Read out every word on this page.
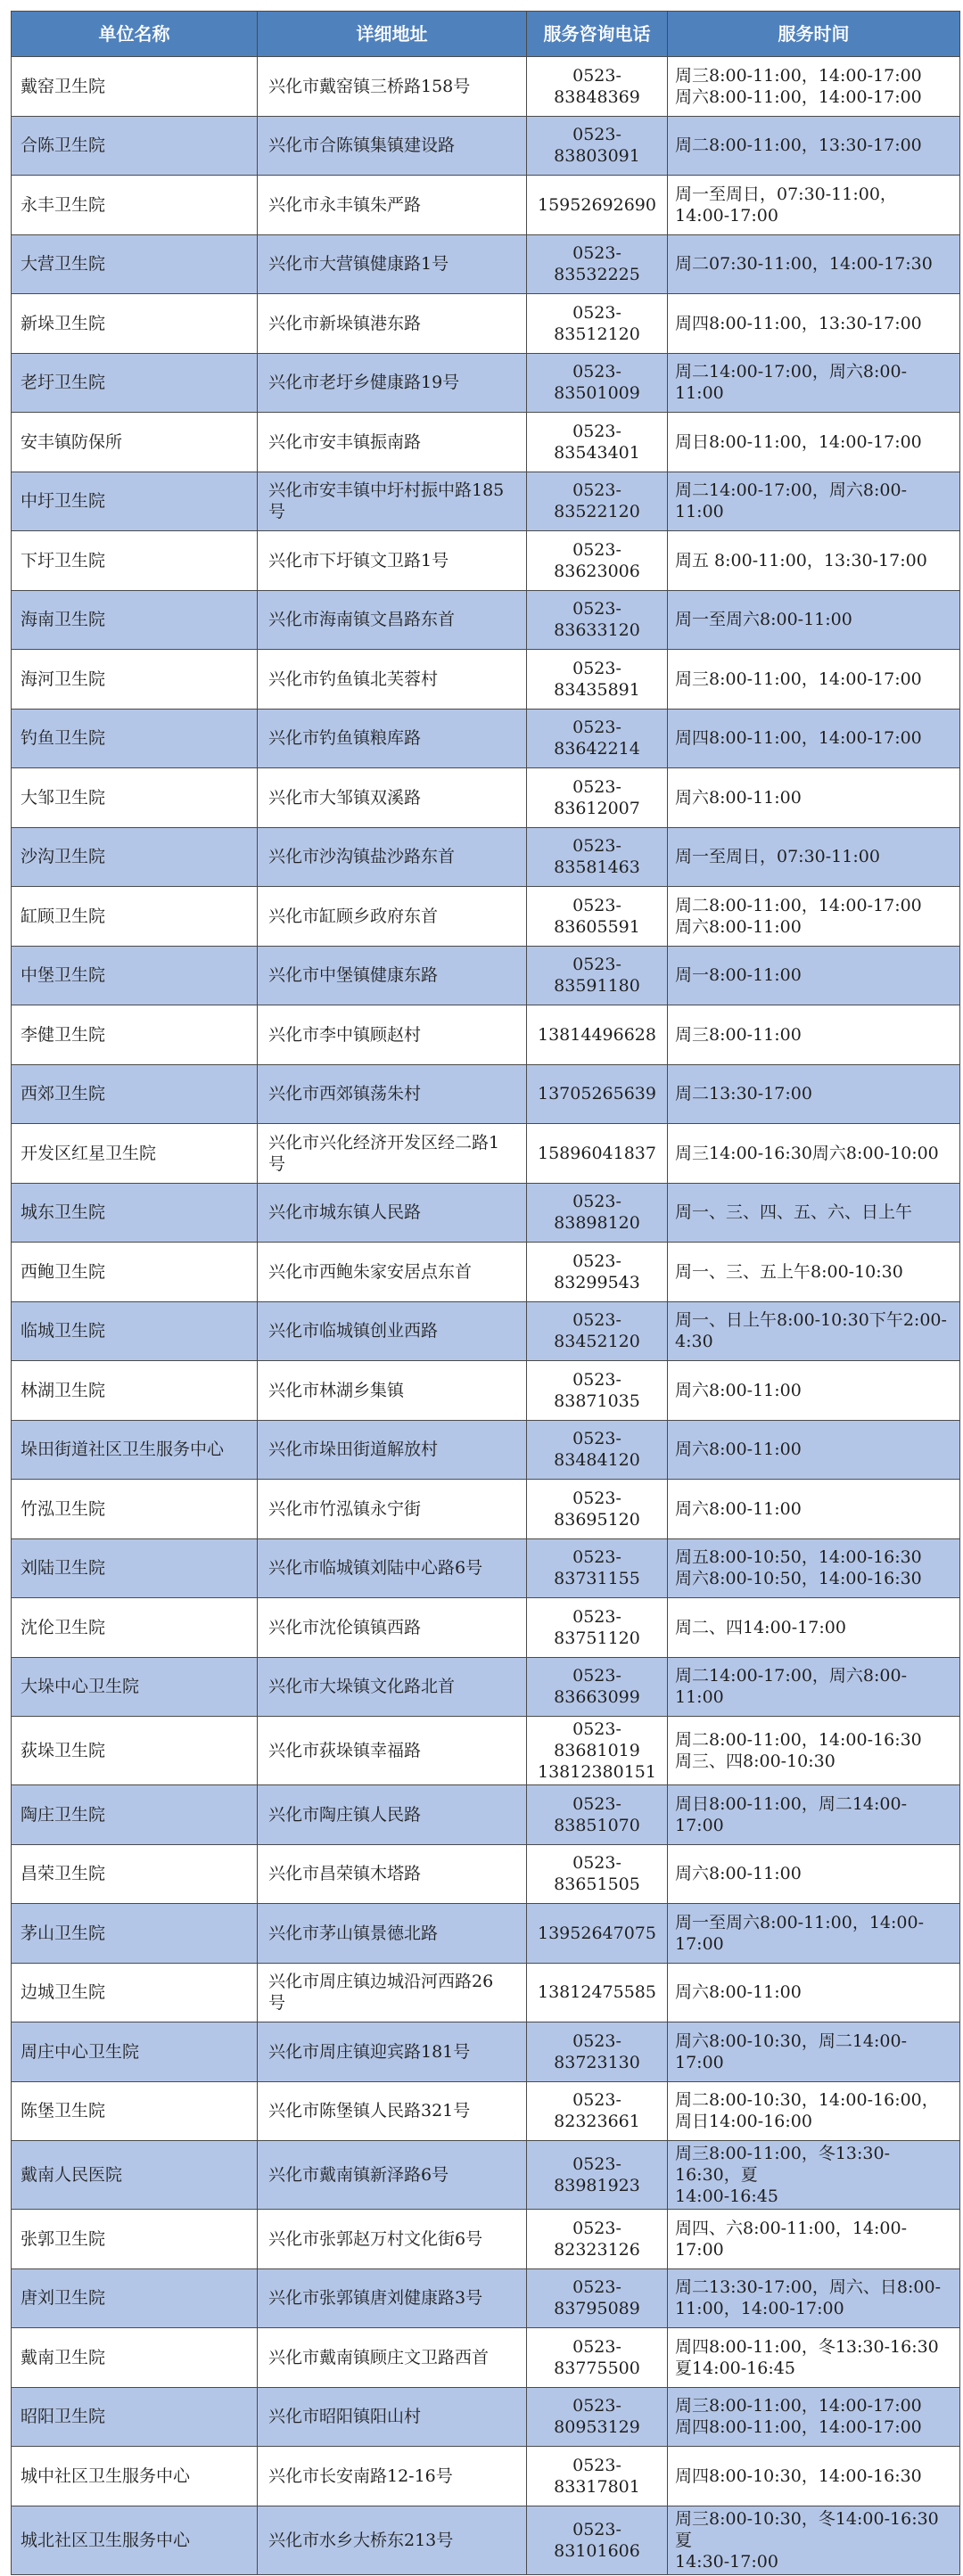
单位名称	详细地址	服务咨询电话	服务时间
戴窑卫生院	兴化市戴窑镇三桥路158号	0523-83848369	周三8:00-11:00，14:00-17:00
周六8:00-11:00，14:00-17:00

合陈卫生院	兴化市合陈镇集镇建设路	0523-83803091	周二8:00-11:00，13:30-17:00

永丰卫生院	兴化市永丰镇朱严路	15952692690	周一至周日，07:30-11:00，
14:00-17:00

大营卫生院	兴化市大营镇健康路1号	0523-83532225	周二07:30-11:00，14:00-17:30

新垛卫生院	兴化市新垛镇港东路	0523-83512120	周四8:00-11:00，13:30-17:00

老圩卫生院	兴化市老圩乡健康路19号	0523-83501009	周二14:00-17:00，周六8:00-11:00

安丰镇防保所	兴化市安丰镇振南路	0523-83543401	周日8:00-11:00，14:00-17:00

中圩卫生院	兴化市安丰镇中圩村振中路185
号	0523-83522120	周二14:00-17:00，周六8:00-11:00

下圩卫生院	兴化市下圩镇文卫路1号	0523-83623006	周五 8:00-11:00，13:30-17:00

海南卫生院	兴化市海南镇文昌路东首	0523-83633120	周一至周六8:00-11:00

海河卫生院	兴化市钓鱼镇北芙蓉村	0523-83435891	周三8:00-11:00，14:00-17:00

钓鱼卫生院	兴化市钓鱼镇粮库路	0523-83642214	周四8:00-11:00，14:00-17:00

大邹卫生院	兴化市大邹镇双溪路	0523-83612007	周六8:00-11:00

沙沟卫生院	兴化市沙沟镇盐沙路东首	0523-83581463	周一至周日，07:30-11:00

缸顾卫生院	兴化市缸顾乡政府东首	0523-83605591	周二8:00-11:00，14:00-17:00
周六8:00-11:00

中堡卫生院	兴化市中堡镇健康东路	0523-83591180	周一8:00-11:00

李健卫生院	兴化市李中镇顾赵村	13814496628	周三8:00-11:00

西郊卫生院	兴化市西郊镇荡朱村	13705265639	周二13:30-17:00

开发区红星卫生院	兴化市兴化经济开发区经二路1
号	15896041837	周三14:00-16:30周六8:00-10:00

城东卫生院	兴化市城东镇人民路	0523-83898120	周一、三、四、五、六、日上午

西鲍卫生院	兴化市西鲍朱家安居点东首	0523-83299543	周一、三、五上午8:00-10:30

临城卫生院	兴化市临城镇创业西路	0523-83452120	周一、日上午8:00-10:30下午2:00-
4:30

林湖卫生院	兴化市林湖乡集镇	0523-83871035	周六8:00-11:00

垛田街道社区卫生服务中心	兴化市垛田街道解放村	0523-83484120	周六8:00-11:00

竹泓卫生院	兴化市竹泓镇永宁街	0523-83695120	周六8:00-11:00

刘陆卫生院	兴化市临城镇刘陆中心路6号	0523-83731155	周五8:00-10:50，14:00-16:30
周六8:00-10:50，14:00-16:30

沈伦卫生院	兴化市沈伦镇镇西路	0523-83751120	周二、四14:00-17:00

大垛中心卫生院	兴化市大垛镇文化路北首	0523-83663099	周二14:00-17:00，周六8:00-11:00

荻垛卫生院	兴化市荻垛镇幸福路	0523-83681019
13812380151	周二8:00-11:00，14:00-16:30
周三、四8:00-10:30

陶庄卫生院	兴化市陶庄镇人民路	0523-83851070	周日8:00-11:00，周二14:00-17:00

昌荣卫生院	兴化市昌荣镇木塔路	0523-83651505	周六8:00-11:00

茅山卫生院	兴化市茅山镇景德北路	13952647075	周一至周六8:00-11:00，14:00-17:00

边城卫生院	兴化市周庄镇边城沿河西路26
号	13812475585	周六8:00-11:00

周庄中心卫生院	兴化市周庄镇迎宾路181号	0523-83723130	周六8:00-10:30，周二14:00-17:00

陈堡卫生院	兴化市陈堡镇人民路321号	0523-82323661	周二8:00-10:30，14:00-16:00，
周日14:00-16:00

戴南人民医院	兴化市戴南镇新泽路6号	0523-83981923	周三8:00-11:00，冬13:30-16:30，夏
14:00-16:45

张郭卫生院	兴化市张郭赵万村文化街6号	0523-82323126	周四、六8:00-11:00，14:00-17:00

唐刘卫生院	兴化市张郭镇唐刘健康路3号	0523-83795089	周二13:30-17:00，周六、日8:00-
11:00，14:00-17:00

戴南卫生院	兴化市戴南镇顾庄文卫路西首	0523-83775500	周四8:00-11:00，冬13:30-16:30
夏14:00-16:45

昭阳卫生院	兴化市昭阳镇阳山村	0523-80953129	周三8:00-11:00，14:00-17:00
周四8:00-11:00，14:00-17:00

城中社区卫生服务中心	兴化市长安南路12-16号	0523-83317801	周四8:00-10:30，14:00-16:30

城北社区卫生服务中心	兴化市水乡大桥东213号	0523-83101606	周三8:00-10:30，冬14:00-16:30 夏
14:30-17:00
